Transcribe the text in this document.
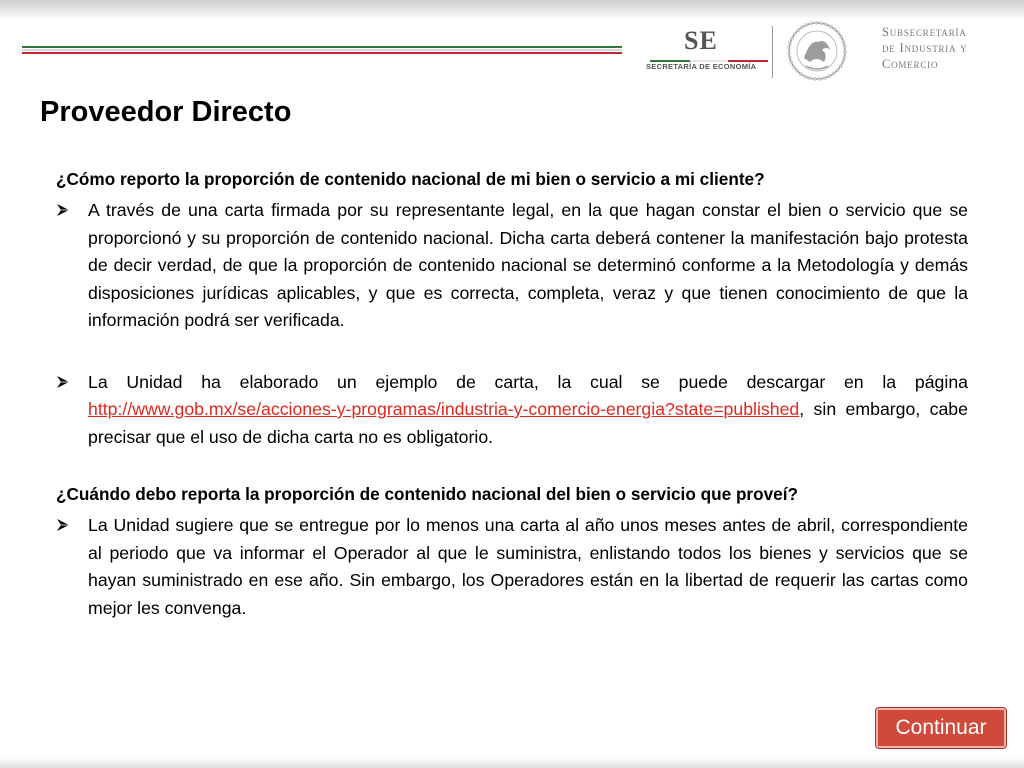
SE
SECRETARÍA DE ECONOMÍA
Subsecretaría
de Industria y
Comercio
Proveedor Directo
¿Cómo reporto la proporción de contenido nacional de mi bien o servicio a mi cliente?
A través de una carta firmada por su representante legal, en la que hagan constar el bien o servicio que se proporcionó y su proporción de contenido nacional. Dicha carta deberá contener la manifestación bajo protesta de decir verdad, de que la proporción de contenido nacional se determinó conforme a la Metodología y demás disposiciones jurídicas aplicables, y que es correcta, completa, veraz y que tienen conocimiento de que la información podrá ser verificada.
La Unidad ha elaborado un ejemplo de carta, la cual se puede descargar en la página http://www.gob.mx/se/acciones-y-programas/industria-y-comercio-energia?state=published, sin embargo, cabe precisar que el uso de dicha carta no es obligatorio.
¿Cuándo debo reporta la proporción de contenido nacional del bien o servicio que proveí?
La Unidad sugiere que se entregue por lo menos una carta al año unos meses antes de abril, correspondiente al periodo que va informar el Operador al que le suministra, enlistando todos los bienes y servicios que se hayan suministrado en ese año. Sin embargo, los Operadores están en la libertad de requerir las cartas como mejor les convenga.
Continuar
